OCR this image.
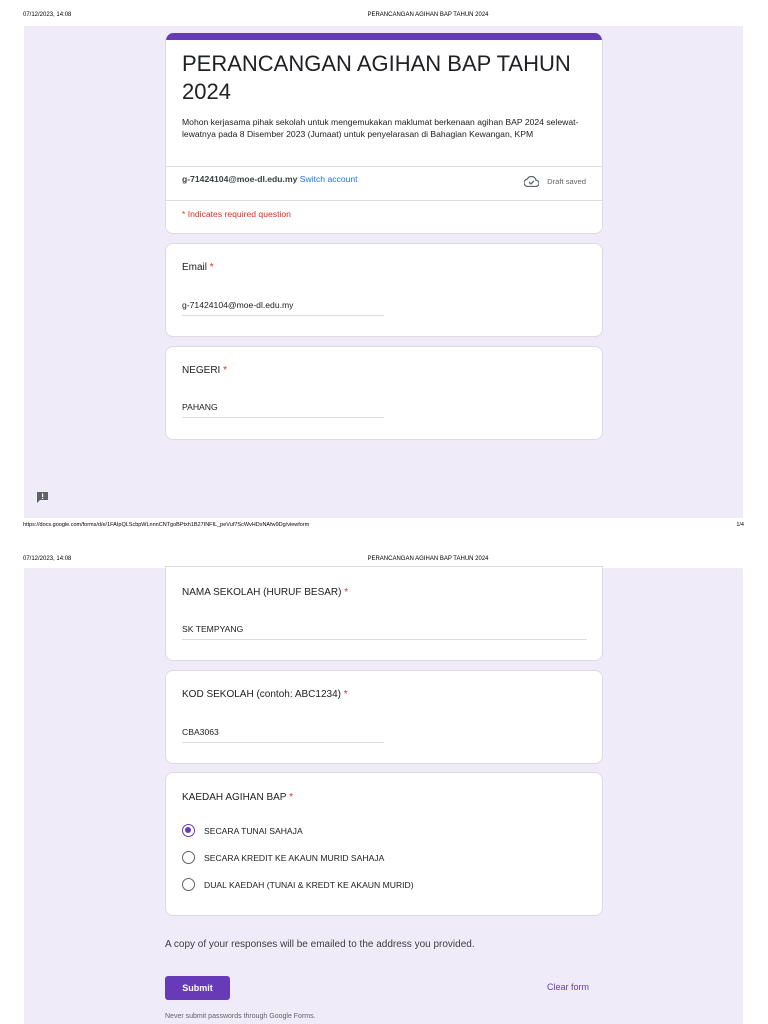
07/12/2023, 14:08	PERANCANGAN AGIHAN BAP TAHUN 2024
PERANCANGAN AGIHAN BAP TAHUN 2024
Mohon kerjasama pihak sekolah untuk mengemukakan maklumat berkenaan agihan BAP 2024 selewat-lewatnya pada 8 Disember 2023 (Jumaat) untuk penyelarasan di Bahagian Kewangan, KPM
g-71424104@moe-dl.edu.my Switch account	Draft saved
* Indicates required question
Email *
g-71424104@moe-dl.edu.my
NEGERI *
PAHANG
https://docs.google.com/forms/d/e/1FAIpQLScbpWLnnnCNTgoBPtxh1B27INFIL_peVuf7ScWvHDxNAfw9Dg/viewform	1/4
07/12/2023, 14:08	PERANCANGAN AGIHAN BAP TAHUN 2024
NAMA SEKOLAH (HURUF BESAR) *
SK TEMPYANG
KOD SEKOLAH (contoh: ABC1234) *
CBA3063
KAEDAH AGIHAN BAP *
SECARA TUNAI SAHAJA
SECARA KREDIT KE AKAUN MURID SAHAJA
DUAL KAEDAH (TUNAI & KREDT KE AKAUN MURID)
A copy of your responses will be emailed to the address you provided.
Submit	Clear form
Never submit passwords through Google Forms.
